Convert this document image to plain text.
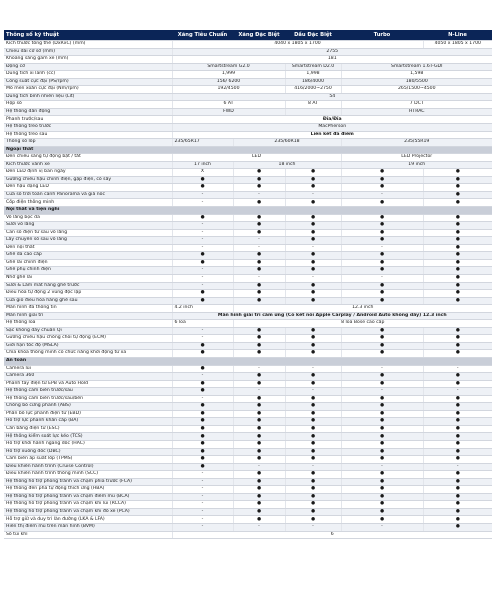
Thông số kỹ thuật	Xăng Tiêu Chuẩn	Xăng Đặc Biệt	Dầu Đặc Biệt	Turbo	N-Line
Kích thước tổng thể (DxRxC) (mm)	4040 x 1805 x 1700				4050 x 1805 x 1700
Chiều dài cơ sở (mm)	2755				
Khoảng sáng gầm xe (mm)	181				
Động cơ	Smartstream G2.0		Smartstream D2.0	Smartstream 1.6T-GDI	
Dung tích xi lanh (cc)	1,999		1,998	1,598	
Công suất cực đại (PS/rpm)	156/ 6200		186/4000	180/5500	
Mô men xoắn cực đại (Nm/rpm)	192/4500		416/2000~2750	265/1500~4500	
Dung tích bình nhiên liệu (Lít)	54				
Hộp số	6 AT		8 AT	7 DCT	
Hệ thống dẫn động	FWD			HTRAC	
Phanh trước/sau	Đĩa/Đĩa				
Hệ thống treo trước	MacPherson				
Hệ thống treo sau	Liên kết đa điểm				
Thông số lốp	235/65R17	235/60R18		235/55R19	
Ngoại thất					
Đèn chiếu sáng tự động bật / tắt	LED			LED Projector	
Kích thước vành xe	17 inch	18 inch		19 inch	
Đèn LED định vị ban ngày	X	●	●	●	●
Gương chiếu hậu chỉnh điện, gập điện, có sấy	●	●	●	●	●
Đèn hậu dạng LED	●	●	●	●	●
Cửa sổ trời toàn cảnh Panorama và giá nóc	-	-	-	-	●
Cốp điện thông minh	-	●	●	●	●
Nội thất và tiện nghi					
Vô lăng bọc da	●	●	●	●	●
Sưởi vô lăng	-	●	●	●	●
Cần số điện tử sau vô lăng	-	●	●	●	●
Lẫy chuyển số sau vô lăng	-	-	●	●	●
Đèn nội thất	-	-	-	-	●
Ghế da cao cấp	●	●	●	●	●
Ghế lái chỉnh điện	●	●	●	●	●
Ghế phụ chỉnh điện	-	●	●	●	●
Nhớ ghế lái	-	-	-	-	●
Sưởi & Làm mát hàng ghế trước	-	●	●	●	●
Điều hòa tự động 2 vùng độc lập	●	●	●	●	●
Cửa gió điều hòa hàng ghế sau	●	●	●	●	●
Màn hình đa thông tin	4.2 inch	12.3 inch			
Màn hình giải trí	Màn hình giải trí cảm ứng (Có kết nối Apple Carplay / Android Auto không dây) 12.3 inch				
Hệ thống loa	6 loa	8 loa Bose cao cấp			
Sạc không dây chuẩn Qi	-	●	●	●	●
Gương chiếu hậu chống chói tự động (ECM)	-	●	●	●	●
Giới hạn tốc độ (MSLA)	●	●	●	●	●
Chìa khóa thông minh có chức năng khởi động từ xa	●	●	●	●	●
An toàn					
Camera lùi	●	-	-	-	-
Camera 360	-	●	●	●	●
Phanh tay điện tử EPB và Auto Hold	●	●	●	●	●
Hệ thống cảm biến trước/sau	●	-	-	-	-
Hệ thống cảm biến trước/sau/bên	-	●	●	●	●
Chống bó cứng phanh (ABS)	●	●	●	●	●
Phân bổ lực phanh điện tử (EBD)	●	●	●	●	●
Hỗ trợ lực phanh khẩn cấp (BA)	●	●	●	●	●
Cân bằng điện tử (ESC)	●	●	●	●	●
Hệ thống kiểm soát lực kéo (TCS)	●	●	●	●	●
Hỗ trợ khởi hành ngang dốc (HAC)	●	●	●	●	●
Hỗ trợ xuống dốc (DBC)	●	●	●	●	●
Cảm biến áp suất lốp (TPMS)	●	●	●	●	●
Điều khiển hành trình (Cruise Control)	●	-	-	-	-
Điều khiển hành trình thông minh (SCC)	-	●	●	●	●
Hệ thống hỗ trợ phòng tránh va chạm phía trước (FCA)	-	●	●	●	●
Hệ thống đèn pha tự động thích ứng (HBA)	-	●	●	●	●
Hệ thống hỗ trợ phòng tránh va chạm điểm mù (BCA)	-	●	●	●	●
Hệ thống hỗ trợ phòng tránh va chạm khi lùi (RCCA)	-	●	●	●	●
Hệ thống hỗ trợ phòng tránh va chạm khi đỗ xe (PCA)	-	●	●	●	●
Hỗ trợ giữ và duy trì làn đường (LKA & LFA)	-	●	●	●	●
Hiển thị điểm mù trên màn hình (BVM)	-	-	-	-	●
Số túi khí	6				
